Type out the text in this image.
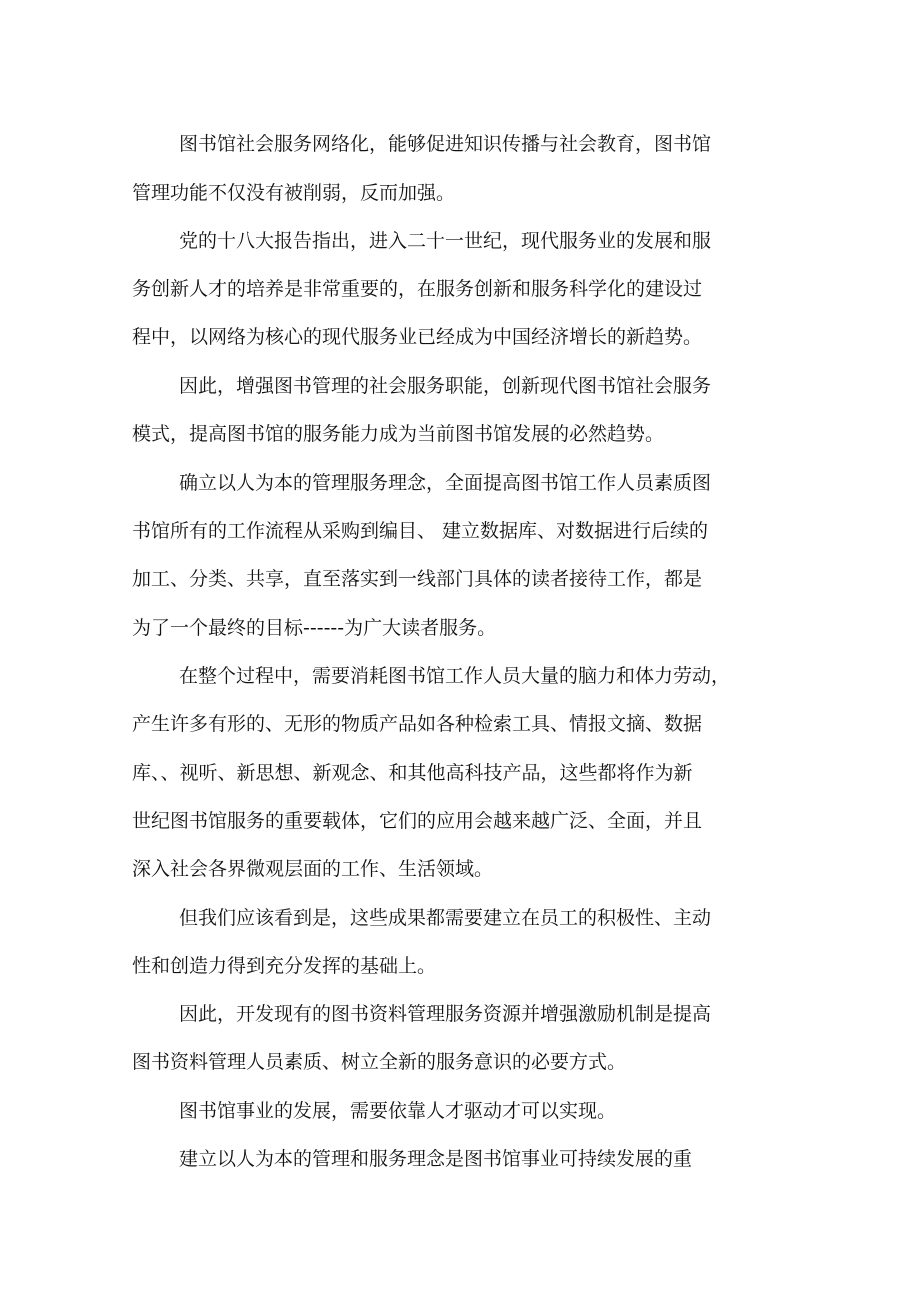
图书馆社会服务网络化，能够促进知识传播与社会教育，图书馆
管理功能不仅没有被削弱，反而加强。
党的十八大报告指出，进入二十一世纪，现代服务业的发展和服
务创新人才的培养是非常重要的，在服务创新和服务科学化的建设过
程中，以网络为核心的现代服务业已经成为中国经济增长的新趋势。
因此，增强图书管理的社会服务职能，创新现代图书馆社会服务
模式，提高图书馆的服务能力成为当前图书馆发展的必然趋势。
确立以人为本的管理服务理念，全面提高图书馆工作人员素质图
书馆所有的工作流程从采购到编目、 建立数据库、对数据进行后续的
加工、分类、共享，直至落实到一线部门具体的读者接待工作，都是
为了一个最终的目标------为广大读者服务。
在整个过程中，需要消耗图书馆工作人员大量的脑力和体力劳动，
产生许多有形的、无形的物质产品如各种检索工具、情报文摘、数据
库、、视听、新思想、新观念、和其他高科技产品，这些都将作为新
世纪图书馆服务的重要载体，它们的应用会越来越广泛、全面，并且
深入社会各界微观层面的工作、生活领域。
但我们应该看到是，这些成果都需要建立在员工的积极性、主动
性和创造力得到充分发挥的基础上。
因此，开发现有的图书资料管理服务资源并增强激励机制是提高
图书资料管理人员素质、树立全新的服务意识的必要方式。
图书馆事业的发展，需要依靠人才驱动才可以实现。
建立以人为本的管理和服务理念是图书馆事业可持续发展的重
